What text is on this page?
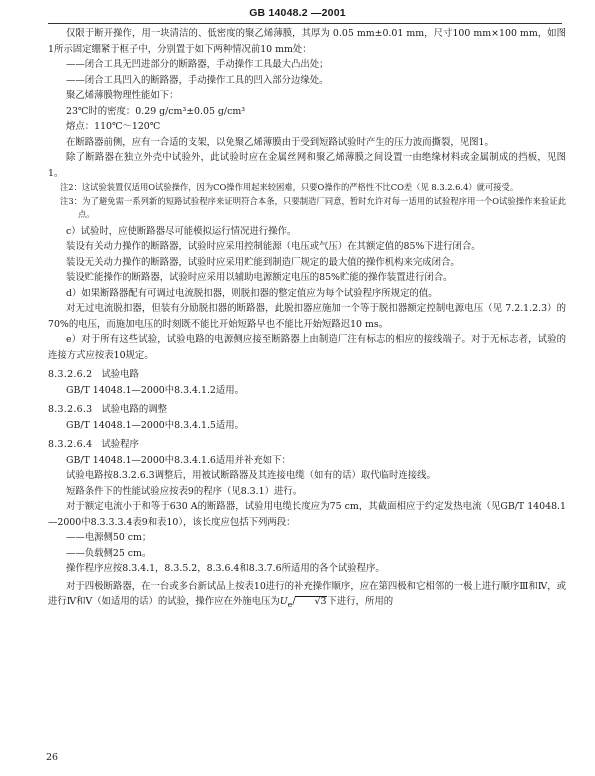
GB 14048.2 —2001

仅限于断开操作，用一块清洁的、低密度的聚乙烯薄膜，其厚为 0.05 mm±0.01 mm，尺寸100 mm×100 mm，如图1所示固定绷紧于框子中，分别置于如下两种情况前10 mm处：

——闭合工具无凹进部分的断路器，手动操作工具最大凸出处；

——闭合工具凹入的断路器，手动操作工具的凹入部分边缘处。

聚乙烯薄膜物理性能如下：

23℃时的密度：0.29 g/cm³±0.05 g/cm³

熔点：110℃～120℃

在断路器前侧，应有一合适的支架，以免聚乙烯薄膜由于受到短路试验时产生的压力波而撕裂，见图1。

除了断路器在独立外壳中试验外，此试验时应在金属丝网和聚乙烯薄膜之间设置一由绝缘材料或金属制成的挡板，见图1。

注2：这试验装置仅适用O试验操作，因为CO操作用起来较困难，只要O操作的严格性不比CO差（见 8.3.2.6.4）就可接受。

注3：为了避免需一系列新的短路试验程序来证明符合本条，只要制造厂同意，暂时允许对每一适用的试验程序用一个O试验操作来验证此点。

c）试验时，应使断路器尽可能模拟运行情况进行操作。

装设有关动力操作的断路器，试验时应采用控制能源（电压或气压）在其额定值的85%下进行闭合。

装设无关动力操作的断路器，试验时应采用贮能到制造厂规定的最大值的操作机构来完成闭合。

装设贮能操作的断路器，试验时应采用以辅助电源额定电压的85%贮能的操作装置进行闭合。

d）如果断路器配有可调过电流脱扣器，则脱扣器的整定值应为每个试验程序所规定的值。

对无过电流脱扣器，但装有分励脱扣器的断路器，此脱扣器应施加一个等于脱扣器额定控制电源电压（见 7.2.1.2.3）的 70%的电压，而施加电压的时刻既不能比开始短路早也不能比开始短路迟10 ms。

e）对于所有这些试验，试验电路的电源侧应接至断路器上由制造厂注有标志的相应的接线端子。对于无标志者，试验的连接方式应按表10规定。

8.3.2.6.2 试验电路

GB/T 14048.1—2000中8.3.4.1.2适用。

8.3.2.6.3 试验电路的调整

GB/T 14048.1—2000中8.3.4.1.5适用。

8.3.2.6.4 试验程序

GB/T 14048.1—2000中8.3.4.1.6适用并补充如下：

试验电路按8.3.2.6.3调整后，用被试断路器及其连接电缆（如有的话）取代临时连接线。

短路条件下的性能试验应按表9的程序（见8.3.1）进行。

对于额定电流小于和等于630 A的断路器，试验用电缆长度应为75 cm，其截面相应于约定发热电流（见GB/T 14048.1—2000中8.3.3.3.4表9和表10），该长度应包括下列两段：

——电源侧50 cm；

——负载侧25 cm。

操作程序应按8.3.4.1，8.3.5.2，8.3.6.4和8.3.7.6所适用的各个试验程序。

对于四极断路器，在一台或多台新试品上按表10进行的补充操作顺序，应在第四极和它相邻的一极上进行顺序Ⅲ和Ⅳ，或进行Ⅳ和Ⅴ（如适用的话）的试验，操作应在外施电压为$U_e/$ √3下进行，所用的

26
